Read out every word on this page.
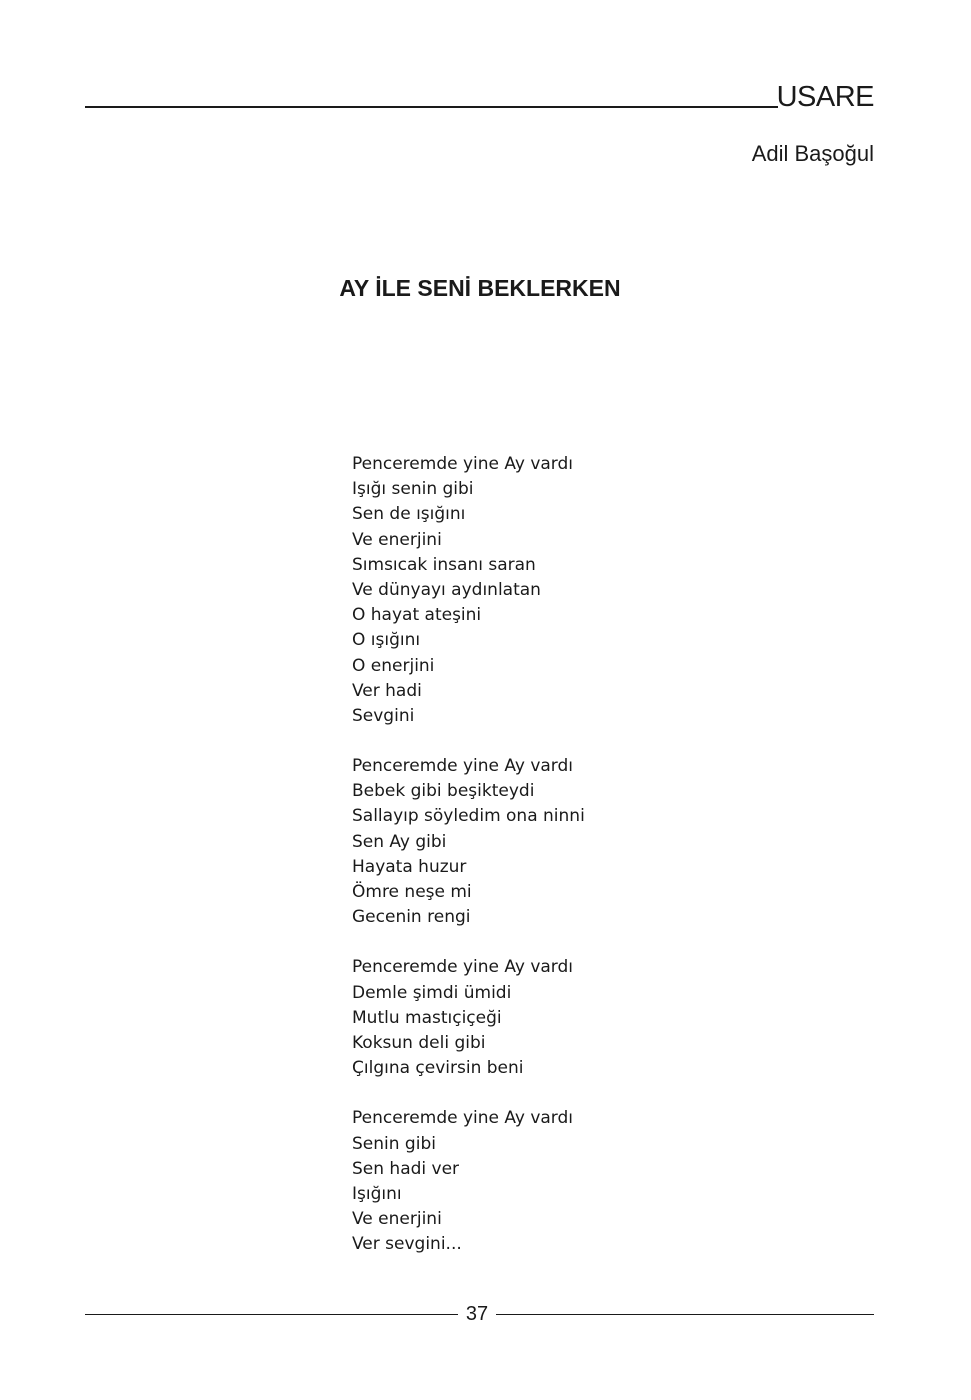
USARE
Adil Başoğul
AY İLE SENİ BEKLERKEN
Penceremde yine Ay vardı
Işığı senin gibi
Sen de ışığını
Ve enerjini
Sımsıcak insanı saran
Ve dünyayı aydınlatan
O hayat ateşini
O ışığını
O enerjini
Ver hadi
Sevgini
Penceremde yine Ay vardı
Bebek gibi beşikteydi
Sallayıp söyledim ona ninni
Sen Ay gibi
Hayata huzur
Ömre neşe mi
Gecenin rengi
Penceremde yine Ay vardı
Demle şimdi ümidi
Mutlu mastıçiçeği
Koksun deli gibi
Çılgına çevirsin beni
Penceremde yine Ay vardı
Senin gibi
Sen hadi ver
Işığını
Ve enerjini
Ver sevgini...
37
